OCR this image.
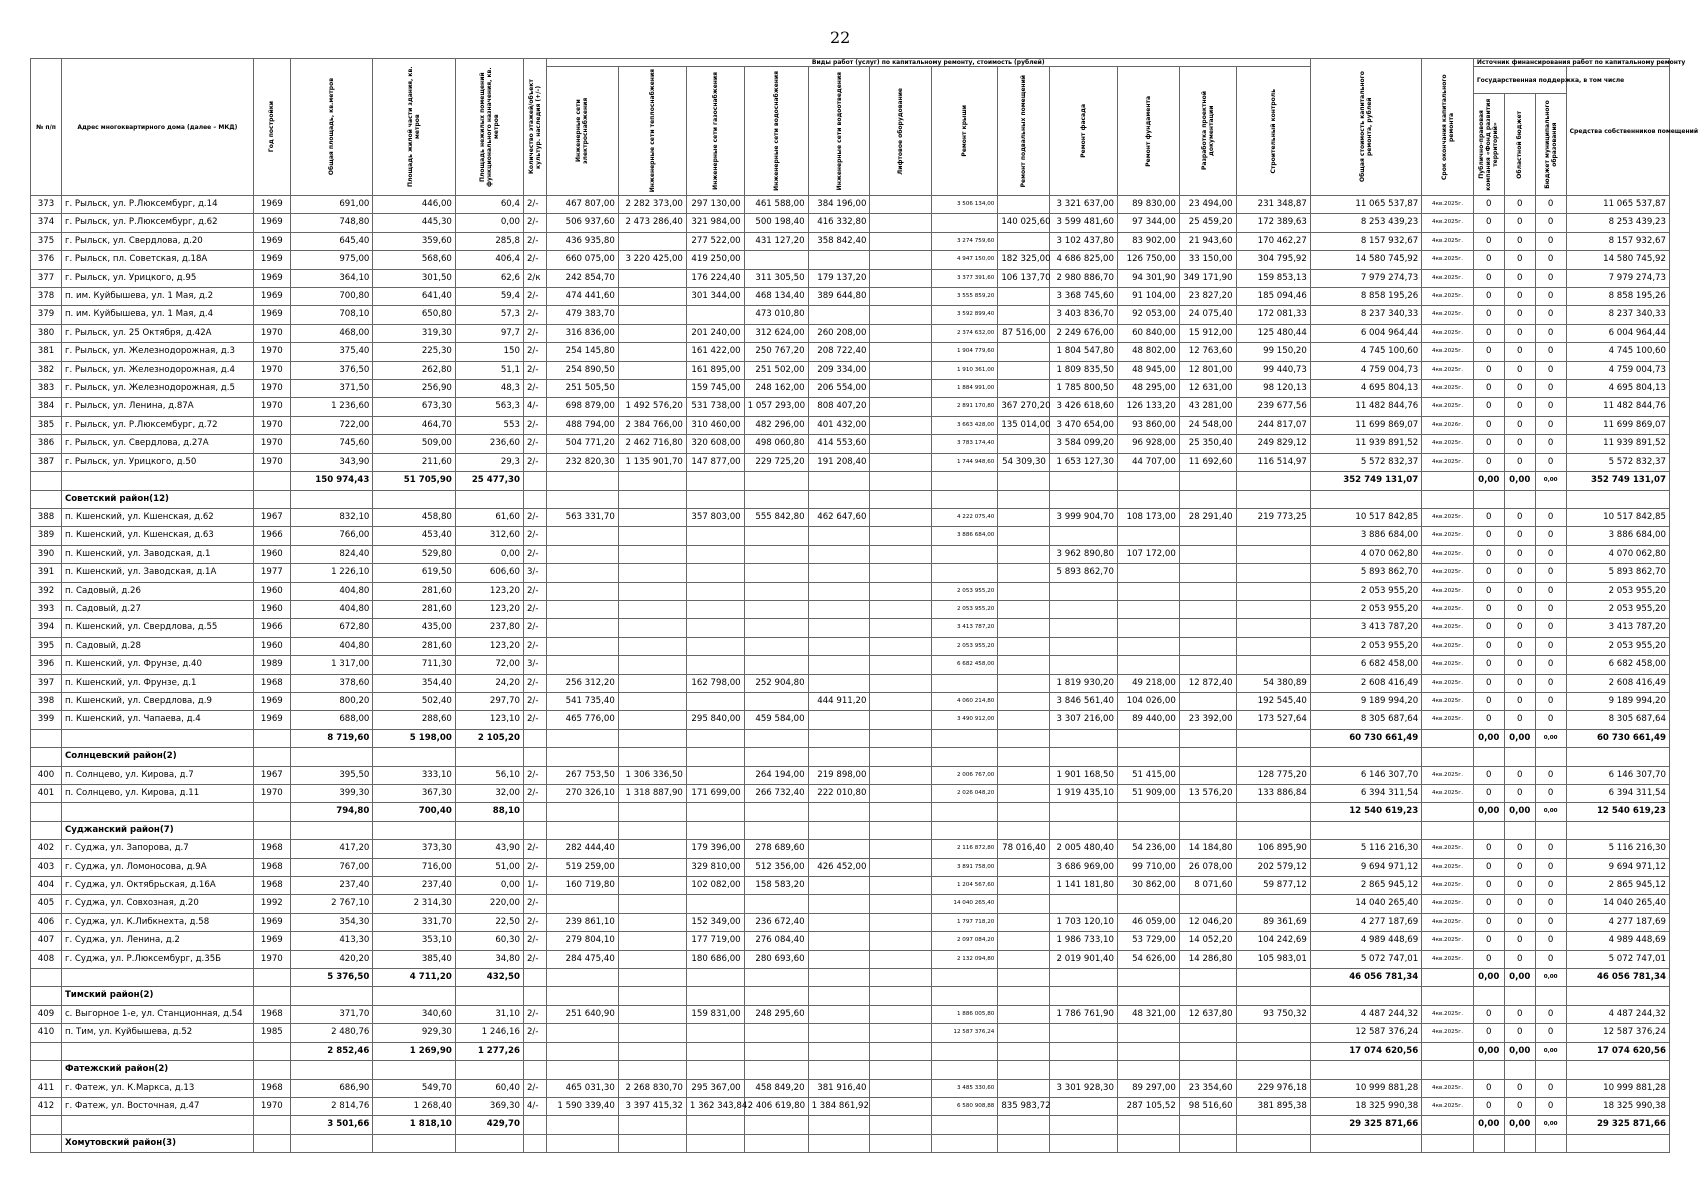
22
№ п/п	Адрес многоквартирного дома (далее – МКД)	Год постройки	Общая площадь, кв.метров	Площадь жилой части здания, кв. метров	Площадь нежилых помещений функционального назначения, кв. метров	Количество этажей/объект культур. наследия (+/–)	Виды работ (услуг) по капитальному ремонту, стоимость (рублей)												Общая стоимость капитального ремонта, рублей	Срок окончания капитального ремонта	Источник финансирования работ по капитальному ремонту			

							Инженерные сети электроснабжения	Инженерные сети теплоснабжения	Инженерные сети газоснабжения	Инженерные сети водоснабжения	Инженерные сети водоотведения	Лифтовое оборудование	Ремонт крыши	Ремонт подвальных помещений	Ремонт фасада	Ремонт фундамента	Разработка проектной документации	Строительный контроль			Государственная поддержка, в том числе			Средства собственников помещений

																					Публично-правовая компания «Фонд развития территорий»	Областной бюджет	Бюджет муниципального образования	

373	г. Рыльск, ул. Р.Люксембург, д.14	1969	691,00	446,00	60,4	2/-	467 807,00	2 282 373,00	297 130,00	461 588,00	384 196,00		3 506 134,00		3 321 637,00	89 830,00	23 494,00	231 348,87	11 065 537,87	4кв.2025г.	0	0	0	11 065 537,87
374	г. Рыльск, ул. Р.Люксембург, д.62	1969	748,80	445,30	0,00	2/-	506 937,60	2 473 286,40	321 984,00	500 198,40	416 332,80			140 025,60	3 599 481,60	97 344,00	25 459,20	172 389,63	8 253 439,23	4кв.2025г.	0	0	0	8 253 439,23
375	г. Рыльск, ул. Свердлова, д.20	1969	645,40	359,60	285,8	2/-	436 935,80		277 522,00	431 127,20	358 842,40		3 274 759,60		3 102 437,80	83 902,00	21 943,60	170 462,27	8 157 932,67	4кв.2025г.	0	0	0	8 157 932,67
376	г. Рыльск, пл. Советская, д.18А	1969	975,00	568,60	406,4	2/-	660 075,00	3 220 425,00	419 250,00				4 947 150,00	182 325,00	4 686 825,00	126 750,00	33 150,00	304 795,92	14 580 745,92	4кв.2025г.	0	0	0	14 580 745,92
377	г. Рыльск, ул. Урицкого, д.95	1969	364,10	301,50	62,6	2/к	242 854,70		176 224,40	311 305,50	179 137,20		3 377 391,60	106 137,70	2 980 886,70	94 301,90	349 171,90	159 853,13	7 979 274,73	4кв.2025г.	0	0	0	7 979 274,73
378	п. им. Куйбышева, ул. 1 Мая, д.2	1969	700,80	641,40	59,4	2/-	474 441,60		301 344,00	468 134,40	389 644,80		3 555 859,20		3 368 745,60	91 104,00	23 827,20	185 094,46	8 858 195,26	4кв.2025г.	0	0	0	8 858 195,26
379	п. им. Куйбышева, ул. 1 Мая, д.4	1969	708,10	650,80	57,3	2/-	479 383,70			473 010,80			3 592 899,40		3 403 836,70	92 053,00	24 075,40	172 081,33	8 237 340,33	4кв.2025г.	0	0	0	8 237 340,33
380	г. Рыльск, ул. 25 Октября, д.42А	1970	468,00	319,30	97,7	2/-	316 836,00		201 240,00	312 624,00	260 208,00		2 374 632,00	87 516,00	2 249 676,00	60 840,00	15 912,00	125 480,44	6 004 964,44	4кв.2025г.	0	0	0	6 004 964,44
381	г. Рыльск, ул. Железнодорожная, д.3	1970	375,40	225,30	150	2/-	254 145,80		161 422,00	250 767,20	208 722,40		1 904 779,60		1 804 547,80	48 802,00	12 763,60	99 150,20	4 745 100,60	4кв.2025г.	0	0	0	4 745 100,60
382	г. Рыльск, ул. Железнодорожная, д.4	1970	376,50	262,80	51,1	2/-	254 890,50		161 895,00	251 502,00	209 334,00		1 910 361,00		1 809 835,50	48 945,00	12 801,00	99 440,73	4 759 004,73	4кв.2025г.	0	0	0	4 759 004,73
383	г. Рыльск, ул. Железнодорожная, д.5	1970	371,50	256,90	48,3	2/-	251 505,50		159 745,00	248 162,00	206 554,00		1 884 991,00		1 785 800,50	48 295,00	12 631,00	98 120,13	4 695 804,13	4кв.2025г.	0	0	0	4 695 804,13
384	г. Рыльск, ул. Ленина, д.87А	1970	1 236,60	673,30	563,3	4/-	698 879,00	1 492 576,20	531 738,00	1 057 293,00	808 407,20		2 891 170,80	367 270,20	3 426 618,60	126 133,20	43 281,00	239 677,56	11 482 844,76	4кв.2025г.	0	0	0	11 482 844,76
385	г. Рыльск, ул. Р.Люксембург, д.72	1970	722,00	464,70	553	2/-	488 794,00	2 384 766,00	310 460,00	482 296,00	401 432,00		3 663 428,00	135 014,00	3 470 654,00	93 860,00	24 548,00	244 817,07	11 699 869,07	4кв.2026г.	0	0	0	11 699 869,07
386	г. Рыльск, ул. Свердлова, д.27А	1970	745,60	509,00	236,60	2/-	504 771,20	2 462 716,80	320 608,00	498 060,80	414 553,60		3 783 174,40		3 584 099,20	96 928,00	25 350,40	249 829,12	11 939 891,52	4кв.2025г.	0	0	0	11 939 891,52
387	г. Рыльск, ул. Урицкого, д.50	1970	343,90	211,60	29,3	2/-	232 820,30	1 135 901,70	147 877,00	229 725,20	191 208,40		1 744 948,60	54 309,30	1 653 127,30	44 707,00	11 692,60	116 514,97	5 572 832,37	4кв.2025г.	0	0	0	5 572 832,37
			150 974,43	51 705,90	25 477,30														352 749 131,07		0,00	0,00	0,00	352 749 131,07
	Советский район(12)																							
388	п. Кшенский, ул. Кшенская, д.62	1967	832,10	458,80	61,60	2/-	563 331,70		357 803,00	555 842,80	462 647,60		4 222 075,40		3 999 904,70	108 173,00	28 291,40	219 773,25	10 517 842,85	4кв.2025г.	0	0	0	10 517 842,85
389	п. Кшенский, ул. Кшенская, д.63	1966	766,00	453,40	312,60	2/-							3 886 684,00						3 886 684,00	4кв.2025г.	0	0	0	3 886 684,00
390	п. Кшенский, ул. Заводская, д.1	1960	824,40	529,80	0,00	2/-									3 962 890,80	107 172,00			4 070 062,80	4кв.2025г.	0	0	0	4 070 062,80
391	п. Кшенский, ул. Заводская, д.1А	1977	1 226,10	619,50	606,60	3/-									5 893 862,70				5 893 862,70	4кв.2025г.	0	0	0	5 893 862,70
392	п. Садовый, д.26	1960	404,80	281,60	123,20	2/-							2 053 955,20						2 053 955,20	4кв.2025г.	0	0	0	2 053 955,20
393	п. Садовый, д.27	1960	404,80	281,60	123,20	2/-							2 053 955,20						2 053 955,20	4кв.2025г.	0	0	0	2 053 955,20
394	п. Кшенский, ул. Свердлова, д.55	1966	672,80	435,00	237,80	2/-							3 413 787,20						3 413 787,20	4кв.2025г.	0	0	0	3 413 787,20
395	п. Садовый, д.28	1960	404,80	281,60	123,20	2/-							2 053 955,20						2 053 955,20	4кв.2025г.	0	0	0	2 053 955,20
396	п. Кшенский, ул. Фрунзе, д.40	1989	1 317,00	711,30	72,00	3/-							6 682 458,00						6 682 458,00	4кв.2025г.	0	0	0	6 682 458,00
397	п. Кшенский, ул. Фрунзе, д.1	1968	378,60	354,40	24,20	2/-	256 312,20		162 798,00	252 904,80					1 819 930,20	49 218,00	12 872,40	54 380,89	2 608 416,49	4кв.2025г.	0	0	0	2 608 416,49
398	п. Кшенский, ул. Свердлова, д.9	1969	800,20	502,40	297,70	2/-	541 735,40				444 911,20		4 060 214,80		3 846 561,40	104 026,00		192 545,40	9 189 994,20	4кв.2025г.	0	0	0	9 189 994,20
399	п. Кшенский, ул. Чапаева, д.4	1969	688,00	288,60	123,10	2/-	465 776,00		295 840,00	459 584,00			3 490 912,00		3 307 216,00	89 440,00	23 392,00	173 527,64	8 305 687,64	4кв.2025г.	0	0	0	8 305 687,64
			8 719,60	5 198,00	2 105,20														60 730 661,49		0,00	0,00	0,00	60 730 661,49
	Солнцевский район(2)																							
400	п. Солнцево, ул. Кирова, д.7	1967	395,50	333,10	56,10	2/-	267 753,50	1 306 336,50		264 194,00	219 898,00		2 006 767,00		1 901 168,50	51 415,00		128 775,20	6 146 307,70	4кв.2025г.	0	0	0	6 146 307,70
401	п. Солнцево, ул. Кирова, д.11	1970	399,30	367,30	32,00	2/-	270 326,10	1 318 887,90	171 699,00	266 732,40	222 010,80		2 026 048,20		1 919 435,10	51 909,00	13 576,20	133 886,84	6 394 311,54	4кв.2025г.	0	0	0	6 394 311,54
			794,80	700,40	88,10														12 540 619,23		0,00	0,00	0,00	12 540 619,23
	Суджанский район(7)																							
402	г. Суджа, ул. Запорова, д.7	1968	417,20	373,30	43,90	2/-	282 444,40		179 396,00	278 689,60			2 116 872,80	78 016,40	2 005 480,40	54 236,00	14 184,80	106 895,90	5 116 216,30	4кв.2025г.	0	0	0	5 116 216,30
403	г. Суджа, ул. Ломоносова, д.9А	1968	767,00	716,00	51,00	2/-	519 259,00		329 810,00	512 356,00	426 452,00		3 891 758,00		3 686 969,00	99 710,00	26 078,00	202 579,12	9 694 971,12	4кв.2025г.	0	0	0	9 694 971,12
404	г. Суджа, ул. Октябрьская, д.16А	1968	237,40	237,40	0,00	1/-	160 719,80		102 082,00	158 583,20			1 204 567,60		1 141 181,80	30 862,00	8 071,60	59 877,12	2 865 945,12	4кв.2025г.	0	0	0	2 865 945,12
405	г. Суджа, ул. Совхозная, д.20	1992	2 767,10	2 314,30	220,00	2/-							14 040 265,40						14 040 265,40	4кв.2025г.	0	0	0	14 040 265,40
406	г. Суджа, ул. К.Либкнехта, д.58	1969	354,30	331,70	22,50	2/-	239 861,10		152 349,00	236 672,40			1 797 718,20		1 703 120,10	46 059,00	12 046,20	89 361,69	4 277 187,69	4кв.2025г.	0	0	0	4 277 187,69
407	г. Суджа, ул. Ленина, д.2	1969	413,30	353,10	60,30	2/-	279 804,10		177 719,00	276 084,40			2 097 084,20		1 986 733,10	53 729,00	14 052,20	104 242,69	4 989 448,69	4кв.2025г.	0	0	0	4 989 448,69
408	г. Суджа, ул. Р.Люксембург, д.35Б	1970	420,20	385,40	34,80	2/-	284 475,40		180 686,00	280 693,60			2 132 094,80		2 019 901,40	54 626,00	14 286,80	105 983,01	5 072 747,01	4кв.2025г.	0	0	0	5 072 747,01
			5 376,50	4 711,20	432,50														46 056 781,34		0,00	0,00	0,00	46 056 781,34
	Тимский район(2)																							
409	с. Выгорное 1-е, ул. Станционная, д.54	1968	371,70	340,60	31,10	2/-	251 640,90		159 831,00	248 295,60			1 886 005,80		1 786 761,90	48 321,00	12 637,80	93 750,32	4 487 244,32	4кв.2025г.	0	0	0	4 487 244,32
410	п. Тим, ул. Куйбышева, д.52	1985	2 480,76	929,30	1 246,16	2/-							12 587 376,24						12 587 376,24	4кв.2025г.	0	0	0	12 587 376,24
			2 852,46	1 269,90	1 277,26														17 074 620,56		0,00	0,00	0,00	17 074 620,56
	Фатежский район(2)																							
411	г. Фатеж, ул. К.Маркса, д.13	1968	686,90	549,70	60,40	2/-	465 031,30	2 268 830,70	295 367,00	458 849,20	381 916,40		3 485 330,60		3 301 928,30	89 297,00	23 354,60	229 976,18	10 999 881,28	4кв.2025г.	0	0	0	10 999 881,28
412	г. Фатеж, ул. Восточная, д.47	1970	2 814,76	1 268,40	369,30	4/-	1 590 339,40	3 397 415,32	1 362 343,84	2 406 619,80	1 384 861,92		6 580 908,88	835 983,72		287 105,52	98 516,60	381 895,38	18 325 990,38	4кв.2025г.	0	0	0	18 325 990,38
			3 501,66	1 818,10	429,70														29 325 871,66		0,00	0,00	0,00	29 325 871,66
	Хомутовский район(3)																							
